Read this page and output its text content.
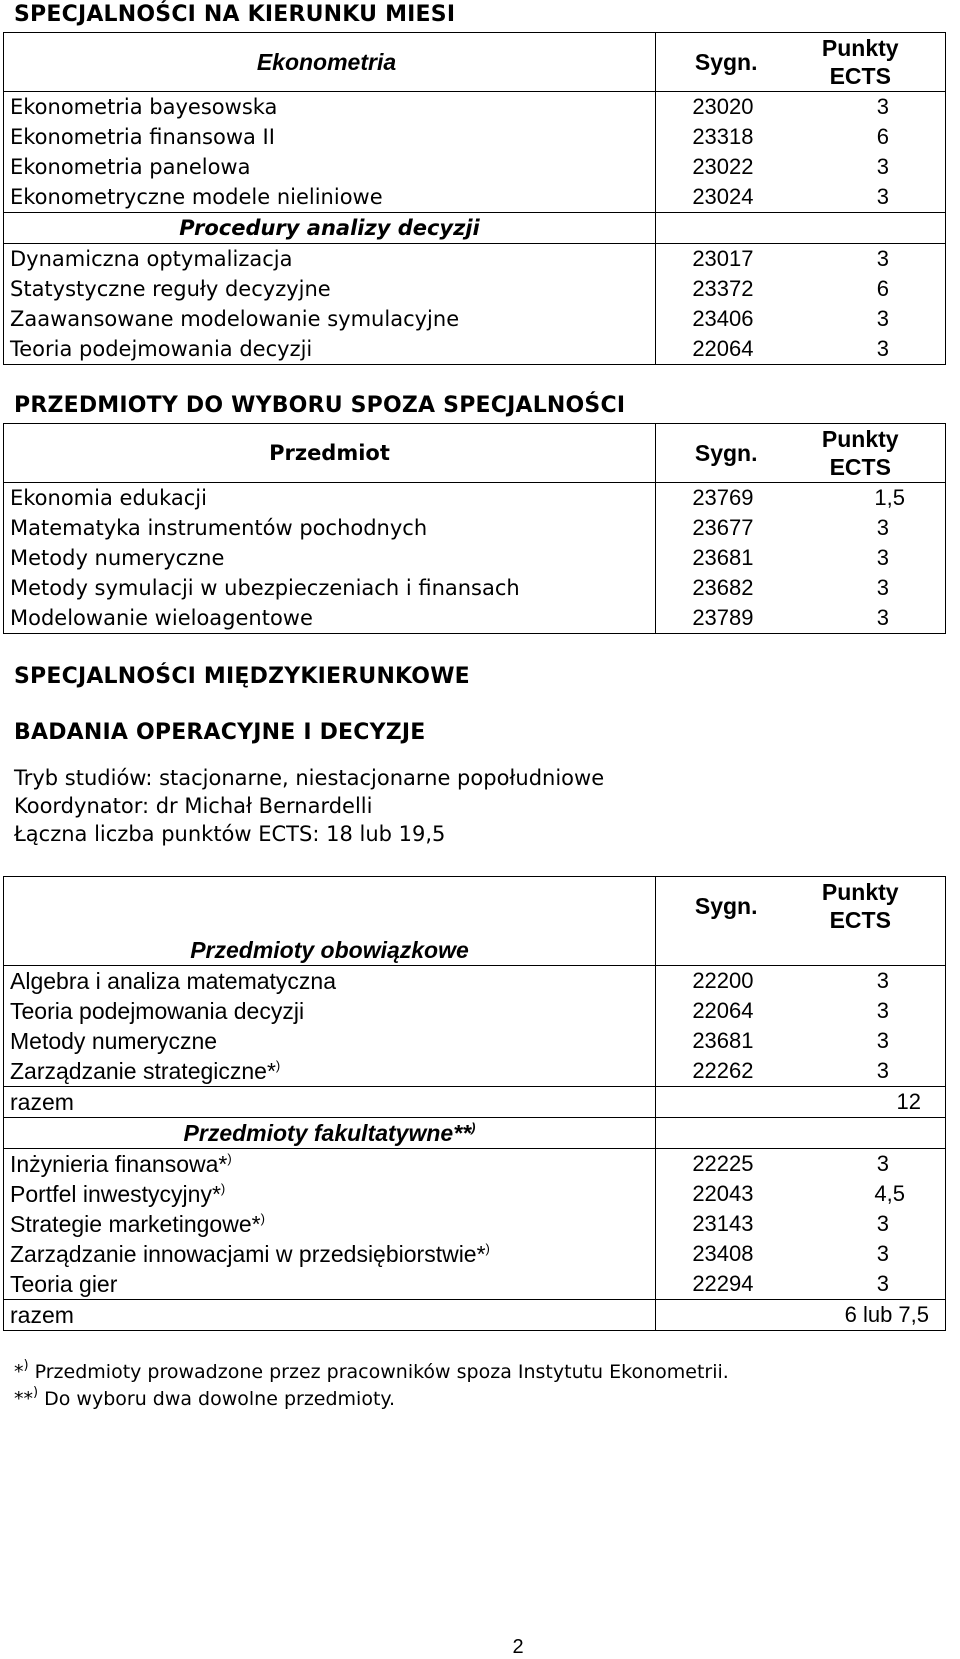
SPECJALNOŚCI NA KIERUNKU MIESI
Ekonometria	Sygn.	Punkty
ECTS

Ekonometria bayesowska	23020	3
Ekonometria finansowa II	23318	6
Ekonometria panelowa	23022	3
Ekonometryczne modele nieliniowe	23024	3
Procedury analizy decyzji		
Dynamiczna optymalizacja	23017	3
Statystyczne reguły decyzyjne	23372	6
Zaawansowane modelowanie symulacyjne	23406	3
Teoria podejmowania decyzji	22064	3
PRZEDMIOTY DO WYBORU SPOZA SPECJALNOŚCI
Przedmiot	Sygn.	Punkty
ECTS

Ekonomia edukacji	23769	1,5
Matematyka instrumentów pochodnych	23677	3
Metody numeryczne	23681	3
Metody symulacji w ubezpieczeniach i finansach	23682	3
Modelowanie wieloagentowe	23789	3
SPECJALNOŚCI MIĘDZYKIERUNKOWE
BADANIA OPERACYJNE I DECYZJE

Tryb studiów: stacjonarne, niestacjonarne popołudniowe

Koordynator: dr Michał Bernardelli

Łączna liczba punktów ECTS: 18 lub 19,5

	Sygn.	Punkty
ECTS

Przedmioty obowiązkowe		
Algebra i analiza matematyczna	22200	3
Teoria podejmowania decyzji	22064	3
Metody numeryczne	23681	3
Zarządzanie strategiczne*)	22262	3
razem		12
Przedmioty fakultatywne**)		
Inżynieria finansowa*)	22225	3
Portfel inwestycyjny*)	22043	4,5
Strategie marketingowe*)	23143	3
Zarządzanie innowacjami w przedsiębiorstwie*)	23408	3
Teoria gier	22294	3
razem		6 lub 7,5

*) Przedmioty prowadzone przez pracowników spoza Instytutu Ekonometrii.

**) Do wyboru dwa dowolne przedmioty.

2
